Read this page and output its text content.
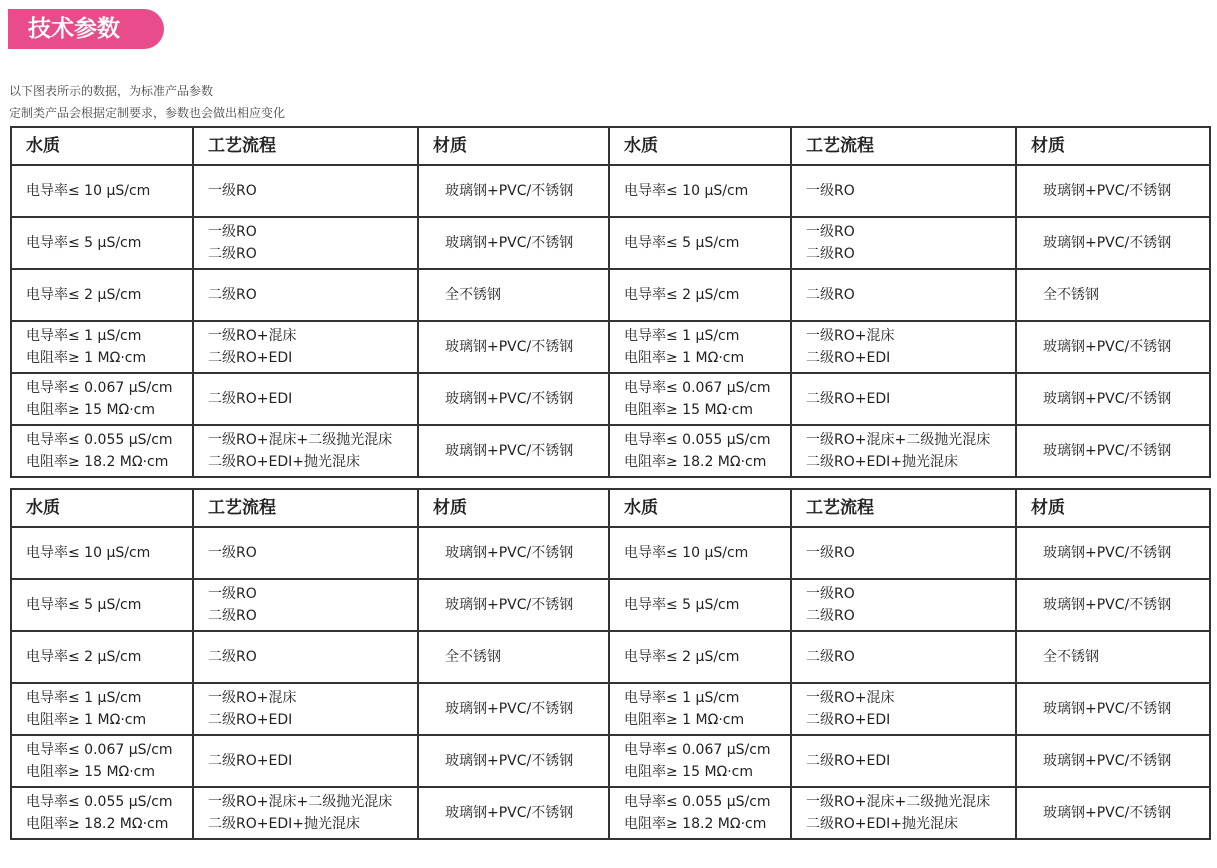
技术参数
以下图表所示的数据，为标准产品参数
定制类产品会根据定制要求，参数也会做出相应变化
水质	工艺流程	材质

电导率≤ 10 μS/cm	一级RO	玻璃钢+PVC/不锈钢

电导率≤ 5 μS/cm	一级RO
二级RO	玻璃钢+PVC/不锈钢

电导率≤ 2 μS/cm	二级RO	全不锈钢

电导率≤ 1 μS/cm
电阻率≥ 1 MΩ·cm	一级RO+混床
二级RO+EDI	玻璃钢+PVC/不锈钢

电导率≤ 0.067 μS/cm
电阻率≥ 15 MΩ·cm	二级RO+EDI	玻璃钢+PVC/不锈钢

电导率≤ 0.055 μS/cm
电阻率≥ 18.2 MΩ·cm	一级RO+混床+二级抛光混床
二级RO+EDI+抛光混床	玻璃钢+PVC/不锈钢
水质	工艺流程	材质

电导率≤ 10 μS/cm	一级RO	玻璃钢+PVC/不锈钢

电导率≤ 5 μS/cm	一级RO
二级RO	玻璃钢+PVC/不锈钢

电导率≤ 2 μS/cm	二级RO	全不锈钢

电导率≤ 1 μS/cm
电阻率≥ 1 MΩ·cm	一级RO+混床
二级RO+EDI	玻璃钢+PVC/不锈钢

电导率≤ 0.067 μS/cm
电阻率≥ 15 MΩ·cm	二级RO+EDI	玻璃钢+PVC/不锈钢

电导率≤ 0.055 μS/cm
电阻率≥ 18.2 MΩ·cm	一级RO+混床+二级抛光混床
二级RO+EDI+抛光混床	玻璃钢+PVC/不锈钢
水质	工艺流程	材质

电导率≤ 10 μS/cm	一级RO	玻璃钢+PVC/不锈钢

电导率≤ 5 μS/cm	一级RO
二级RO	玻璃钢+PVC/不锈钢

电导率≤ 2 μS/cm	二级RO	全不锈钢

电导率≤ 1 μS/cm
电阻率≥ 1 MΩ·cm	一级RO+混床
二级RO+EDI	玻璃钢+PVC/不锈钢

电导率≤ 0.067 μS/cm
电阻率≥ 15 MΩ·cm	二级RO+EDI	玻璃钢+PVC/不锈钢

电导率≤ 0.055 μS/cm
电阻率≥ 18.2 MΩ·cm	一级RO+混床+二级抛光混床
二级RO+EDI+抛光混床	玻璃钢+PVC/不锈钢
水质	工艺流程	材质

电导率≤ 10 μS/cm	一级RO	玻璃钢+PVC/不锈钢

电导率≤ 5 μS/cm	一级RO
二级RO	玻璃钢+PVC/不锈钢

电导率≤ 2 μS/cm	二级RO	全不锈钢

电导率≤ 1 μS/cm
电阻率≥ 1 MΩ·cm	一级RO+混床
二级RO+EDI	玻璃钢+PVC/不锈钢

电导率≤ 0.067 μS/cm
电阻率≥ 15 MΩ·cm	二级RO+EDI	玻璃钢+PVC/不锈钢

电导率≤ 0.055 μS/cm
电阻率≥ 18.2 MΩ·cm	一级RO+混床+二级抛光混床
二级RO+EDI+抛光混床	玻璃钢+PVC/不锈钢
